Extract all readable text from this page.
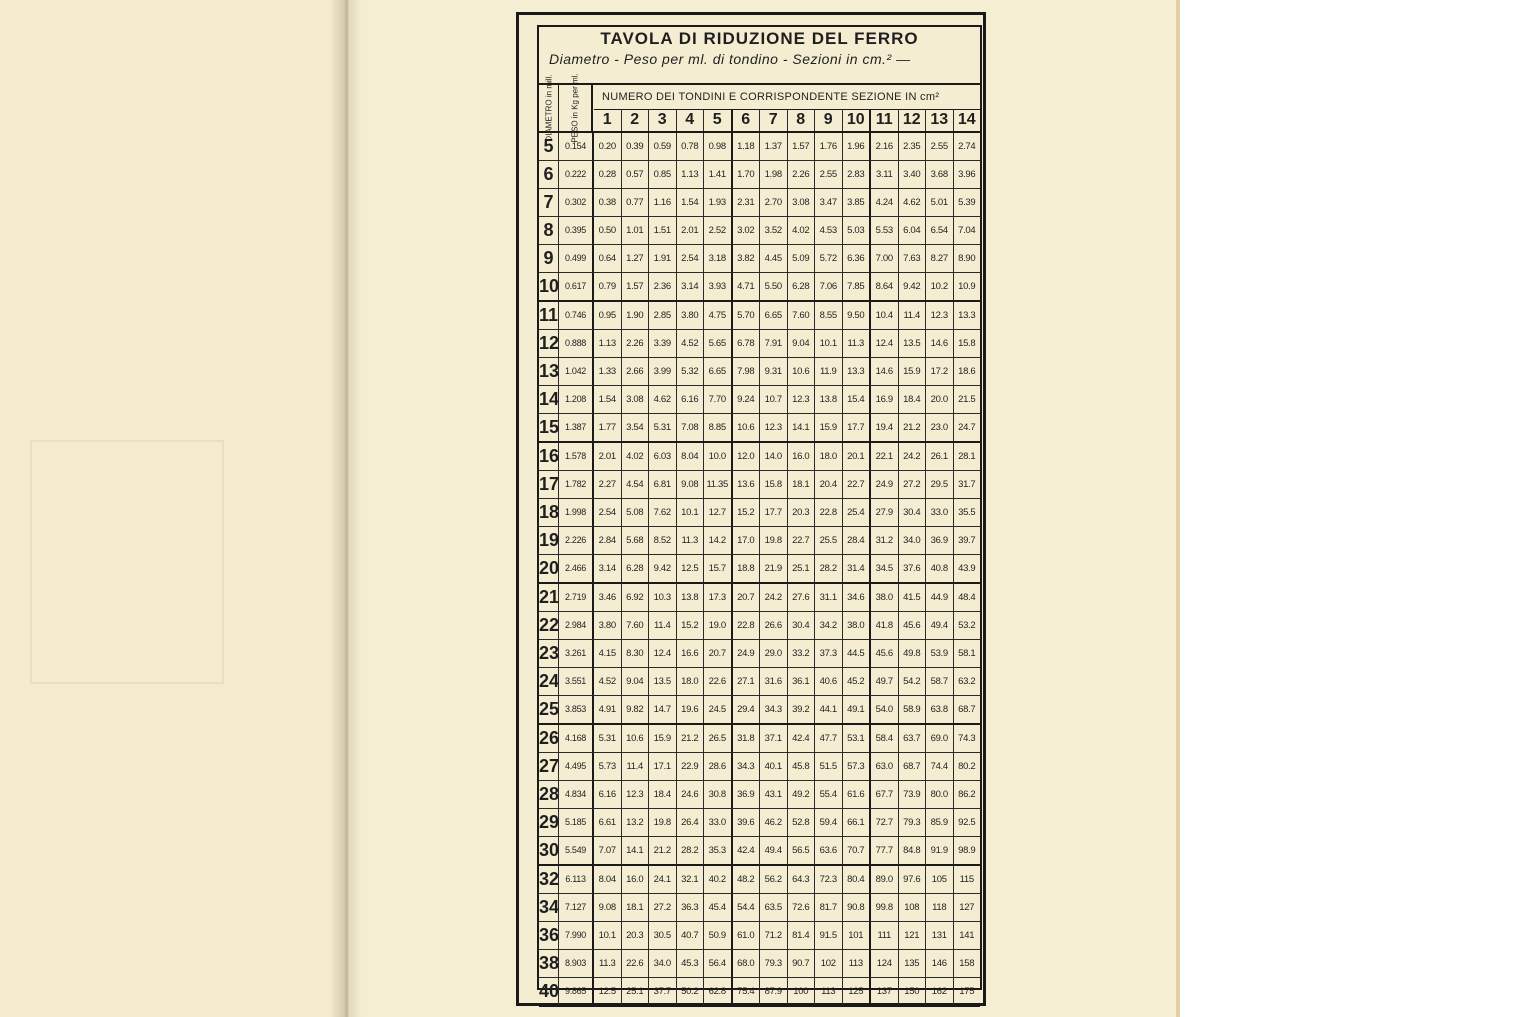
TAVOLA DI RIDUZIONE DEL FERRO
Diametro - Peso per ml. di tondino - Sezioni in cm.² —
DIAMETRO in mill. PESO in Kg per ml.	NUMERO DEI TONDINI E CORRISPONDENTE SEZIONE IN cm²
1	2	3	4	5	6	7	8	9 10 11 12 13 14
5	0.154	0.20	0.39	0.59	0.78	0.98	1.18	1.37	1.57	1.76	1.96	2.16	2.35	2.55	2.74
6	0.222	0.28	0.57	0.85	1.13	1.41	1.70	1.98	2.26	2.55	2.83	3.11	3.40	3.68	3.96
7	0.302	0.38	0.77	1.16	1.54	1.93	2.31	2.70	3.08	3.47	3.85	4.24	4.62	5.01	5.39
8	0.395	0.50	1.01	1.51	2.01	2.52	3.02	3.52	4.02	4.53	5.03	5.53	6.04	6.54	7.04
9	0.499	0.64	1.27	1.91	2.54	3.18	3.82	4.45	5.09	5.72	6.36	7.00	7.63	8.27	8.90
10 0.617	0.79	1.57	2.36	3.14	3.93	4.71	5.50	6.28	7.06	7.85	8.64	9.42	10.2	10.9
11 0.746	0.95	1.90	2.85	3.80	4.75	5.70	6.65	7.60	8.55	9.50	10.4	11.4	12.3	13.3
12 0.888	1.13	2.26	3.39	4.52	5.65	6.78	7.91	9.04	10.1	11.3	12.4	13.5	14.6	15.8
13 1.042	1.33	2.66	3.99	5.32	6.65	7.98	9.31	10.6	11.9	13.3	14.6	15.9	17.2	18.6
14 1.208	1.54	3.08	4.62	6.16	7.70	9.24	10.7	12.3	13.8	15.4	16.9	18.4	20.0	21.5
15 1.387	1.77	3.54	5.31	7.08	8.85	10.6	12.3	14.1	15.9	17.7	19.4	21.2	23.0	24.7
16 1.578	2.01	4.02	6.03	8.04	10.0	12.0	14.0	16.0	18.0	20.1	22.1	24.2	26.1	28.1
17 1.782	2.27	4.54	6.81	9.08 11.35 13.6	15.8	18.1	20.4	22.7	24.9	27.2	29.5	31.7
18 1.998	2.54	5.08	7.62	10.1	12.7	15.2	17.7	20.3	22.8	25.4	27.9	30.4	33.0	35.5
19 2.226	2.84	5.68	8.52	11.3	14.2	17.0	19.8	22.7	25.5	28.4	31.2	34.0	36.9	39.7
20 2.466	3.14	6.28	9.42	12.5	15.7	18.8	21.9	25.1	28.2	31.4	34.5	37.6	40.8	43.9
21 2.719	3.46	6.92	10.3	13.8	17.3	20.7	24.2	27.6	31.1	34.6	38.0	41.5	44.9	48.4
22 2.984	3.80	7.60	11.4	15.2	19.0	22.8	26.6	30.4	34.2	38.0	41.8	45.6	49.4	53.2
23 3.261	4.15	8.30	12.4	16.6	20.7	24.9	29.0	33.2	37.3	44.5	45.6	49.8	53.9	58.1
24 3.551	4.52	9.04	13.5	18.0	22.6	27.1	31.6	36.1	40.6	45.2	49.7	54.2	58.7	63.2
25 3.853	4.91	9.82	14.7	19.6	24.5	29.4	34.3	39.2	44.1	49.1	54.0	58.9	63.8	68.7
26 4.168	5.31	10.6	15.9	21.2	26.5	31.8	37.1	42.4	47.7	53.1	58.4	63.7	69.0	74.3
27 4.495	5.73	11.4	17.1	22.9	28.6	34.3	40.1	45.8	51.5	57.3	63.0	68.7	74.4	80.2
28 4.834	6.16	12.3	18.4	24.6	30.8	36.9	43.1	49.2	55.4	61.6	67.7	73.9	80.0	86.2
29 5.185	6.61	13.2	19.8	26.4	33.0	39.6	46.2	52.8	59.4	66.1	72.7	79.3	85.9	92.5
30 5.549	7.07	14.1	21.2	28.2	35.3	42.4	49.4	56.5	63.6	70.7	77.7	84.8	91.9	98.9
32 6.113	8.04	16.0	24.1	32.1	40.2	48.2	56.2	64.3	72.3	80.4	89.0	97.6	105	115
34 7.127	9.08	18.1	27.2	36.3	45.4	54.4	63.5	72.6	81.7	90.8	99.8	108	118	127
36 7.990	10.1	20.3	30.5	40.7	50.9	61.0	71.2	81.4	91.5	101	111	121	131	141
38 8.903	11.3	22.6	34.0	45.3	56.4	68.0	79.3	90.7	102	113	124	135	146	158
40 9.865	12.5	25.1	37.7	50.2	62.8	75.4	87.9	100	113	125	137	150	162	175
